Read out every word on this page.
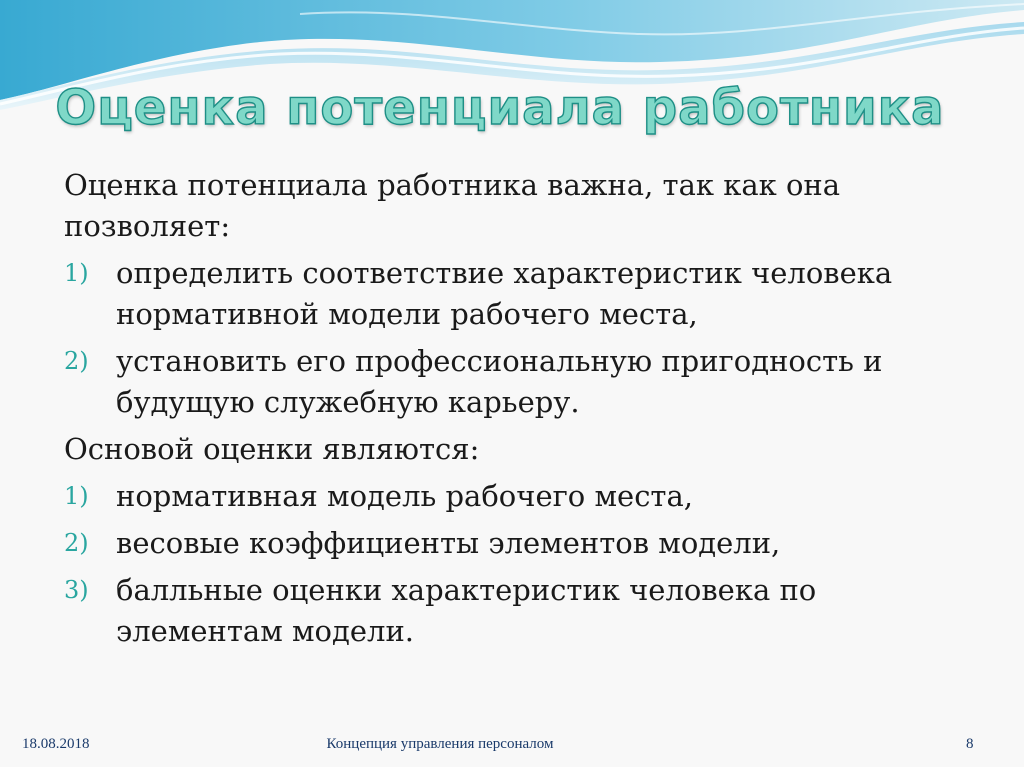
Оценка потенциала работника

Оценка потенциала работника важна, так как она позволяет:

1) определить соответствие характеристик человека нормативной модели рабочего места,
2) установить его профессиональную пригодность и будущую служебную карьеру.

Основой оценки являются:

1) нормативная модель рабочего места,
2) весовые коэффициенты элементов модели,
3) балльные оценки характеристик человека по элементам модели.
18.08.2018	Концепция управления персоналом	8
